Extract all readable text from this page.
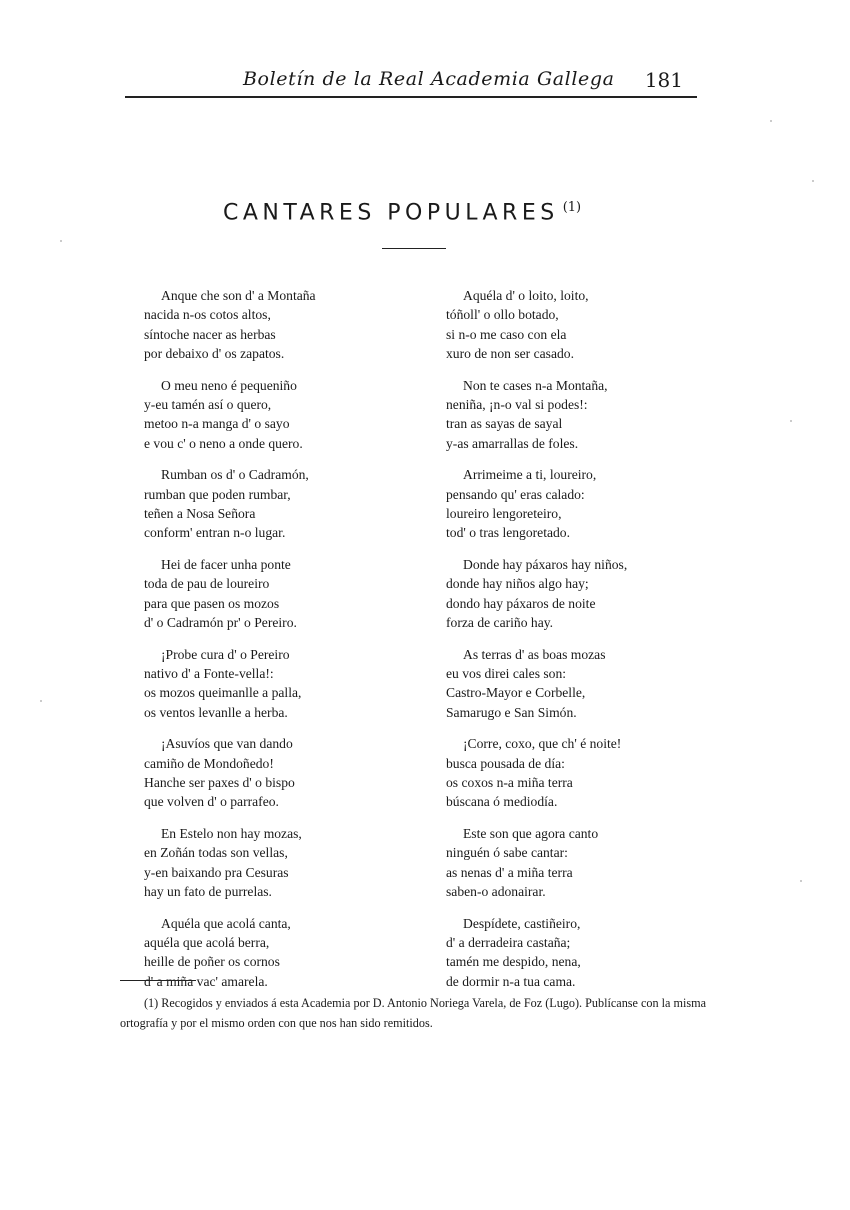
Boletín de la Real Academia Gallega 181
CANTARES POPULARES $^{(1)}$
Anque che son d' a Montaña
nacida n-os cotos altos,
síntoche nacer as herbas
por debaixo d' os zapatos.
O meu neno é pequeniño
y-eu tamén así o quero,
metoo n-a manga d' o sayo
e vou c' o neno a onde quero.
Rumban os d' o Cadramón,
rumban que poden rumbar,
teñen a Nosa Señora
conform' entran n-o lugar.
Hei de facer unha ponte
toda de pau de loureiro
para que pasen os mozos
d' o Cadramón pr' o Pereiro.
¡Probe cura d' o Pereiro
nativo d' a Fonte-vella!:
os mozos queimanlle a palla,
os ventos levanlle a herba.
¡Asuvíos que van dando
camiño de Mondoñedo!
Hanche ser paxes d' o bispo
que volven d' o parrafeo.
En Estelo non hay mozas,
en Zoñán todas son vellas,
y-en baixando pra Cesuras
hay un fato de purrelas.
Aquéla que acolá canta,
aquéla que acolá berra,
heille de poñer os cornos
d' a miña vac' amarela.
Aquéla d' o loito, loito,
tóñoll' o ollo botado,
si n-o me caso con ela
xuro de non ser casado.
Non te cases n-a Montaña,
neniña, ¡n-o val si podes!:
tran as sayas de sayal
y-as amarrallas de foles.
Arrimeime a ti, loureiro,
pensando qu' eras calado:
loureiro lengoreteiro,
tod' o tras lengoretado.
Donde hay páxaros hay niños,
donde hay niños algo hay;
dondo hay páxaros de noite
forza de cariño hay.
As terras d' as boas mozas
eu vos direi cales son:
Castro-Mayor e Corbelle,
Samarugo e San Simón.
¡Corre, coxo, que ch' é noite!
busca pousada de día:
os coxos n-a miña terra
búscana ó mediodía.
Este son que agora canto
ninguén ó sabe cantar:
as nenas d' a miña terra
saben-o adonairar.
Despídete, castiñeiro,
d' a derradeira castaña;
tamén me despido, nena,
de dormir n-a tua cama.
(1) Recogidos y enviados á esta Academia por D. Antonio Noriega Varela, de Foz (Lugo). Publícanse con la misma ortografía y por el mismo orden con que nos han sido remitidos.
